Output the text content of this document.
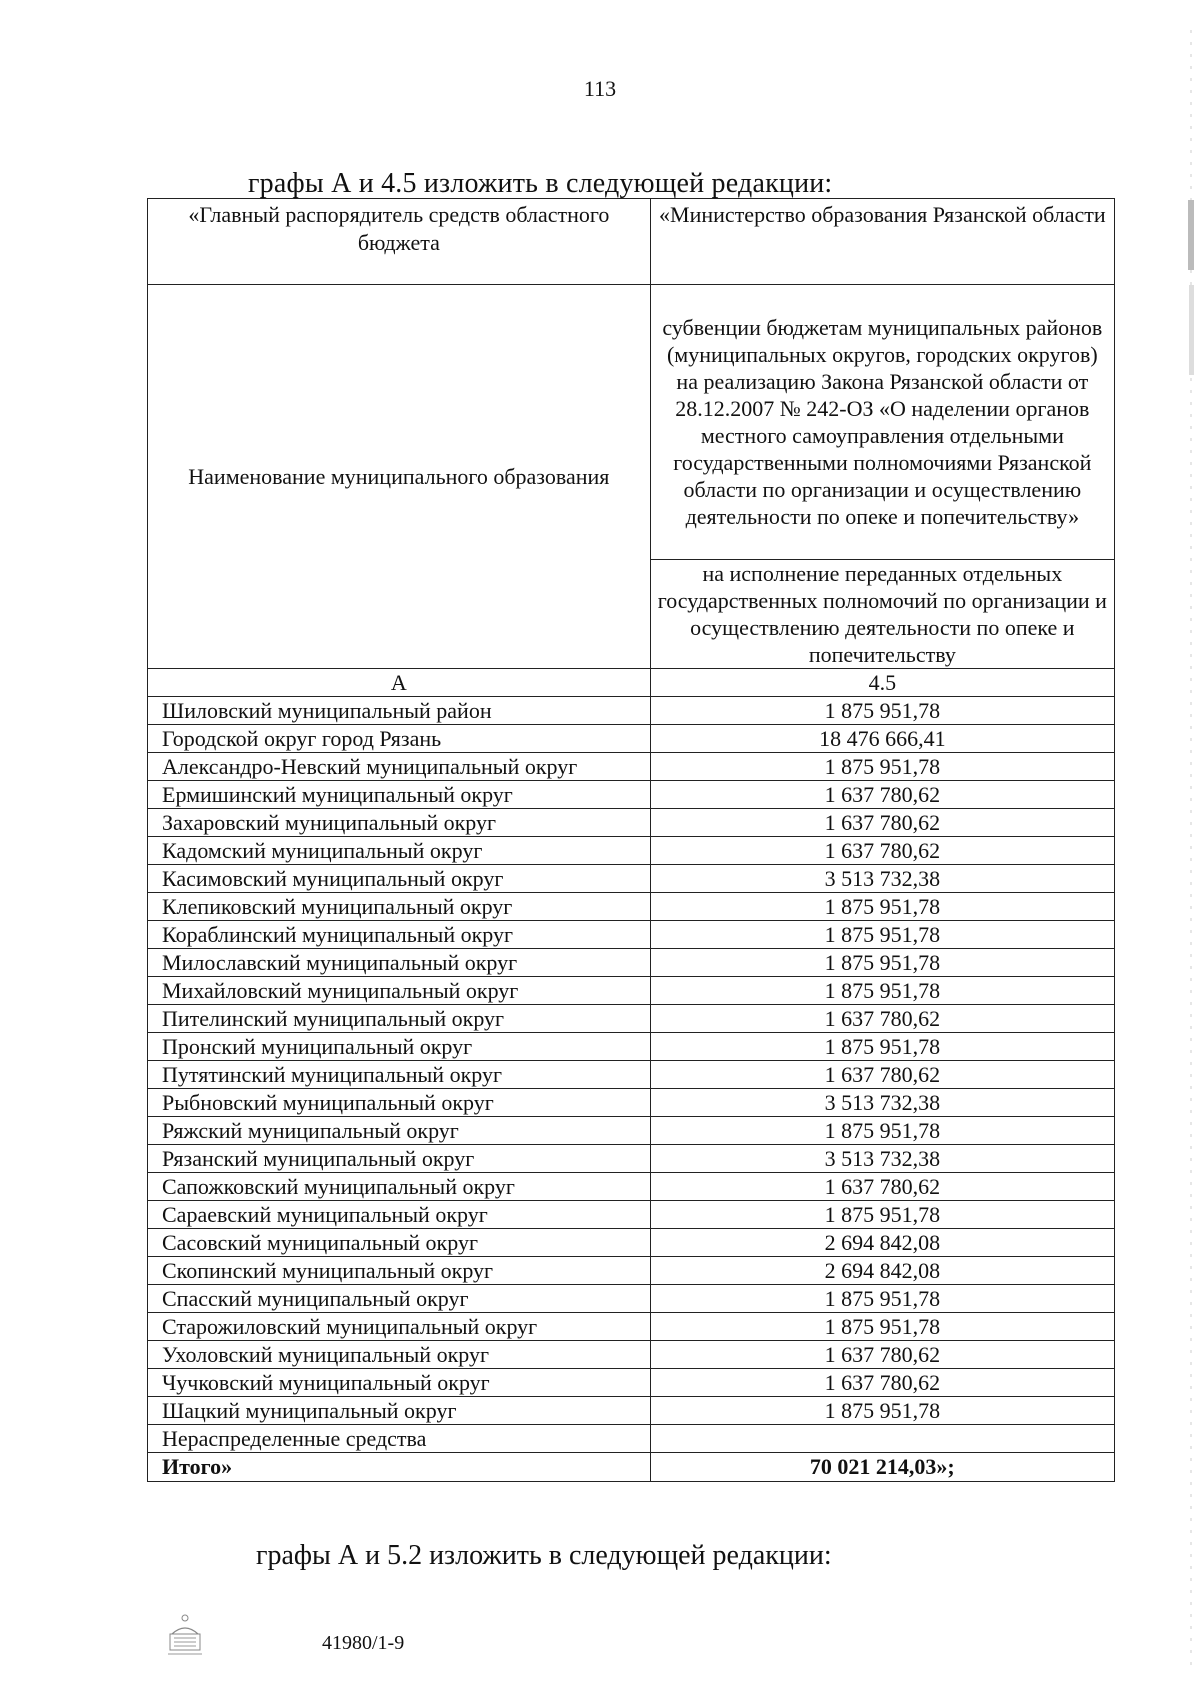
113
графы А и 4.5 изложить в следующей редакции:
«Главный распорядитель средств областного бюджета	«Министерство образования Рязанской области
Наименование муниципального образования	субвенции бюджетам муниципальных районов (муниципальных округов, городских округов) на реализацию Закона Рязанской области от 28.12.2007 № 242-ОЗ «О наделении органов местного самоуправления отдельными государственными полномочиями Рязанской области по организации и осуществлению деятельности по опеке и попечительству»
	на исполнение переданных отдельных государственных полномочий по организации и осуществлению деятельности по опеке и попечительству
А	4.5
Шиловский муниципальный район	1 875 951,78
Городской округ город Рязань	18 476 666,41
Александро-Невский муниципальный округ	1 875 951,78
Ермишинский муниципальный округ	1 637 780,62
Захаровский муниципальный округ	1 637 780,62
Кадомский муниципальный округ	1 637 780,62
Касимовский муниципальный округ	3 513 732,38
Клепиковский муниципальный округ	1 875 951,78
Кораблинский муниципальный округ	1 875 951,78
Милославский муниципальный округ	1 875 951,78
Михайловский муниципальный округ	1 875 951,78
Пителинский муниципальный округ	1 637 780,62
Пронский муниципальный округ	1 875 951,78
Путятинский муниципальный округ	1 637 780,62
Рыбновский муниципальный округ	3 513 732,38
Ряжский муниципальный округ	1 875 951,78
Рязанский муниципальный округ	3 513 732,38
Сапожковский муниципальный округ	1 637 780,62
Сараевский муниципальный округ	1 875 951,78
Сасовский муниципальный округ	2 694 842,08
Скопинский муниципальный округ	2 694 842,08
Спасский муниципальный округ	1 875 951,78
Старожиловский муниципальный округ	1 875 951,78
Ухоловский муниципальный округ	1 637 780,62
Чучковский муниципальный округ	1 637 780,62
Шацкий муниципальный округ	1 875 951,78
Нераспределенные средства	
Итого»	70 021 214,03»;
графы А и 5.2 изложить в следующей редакции:
41980/1-9
